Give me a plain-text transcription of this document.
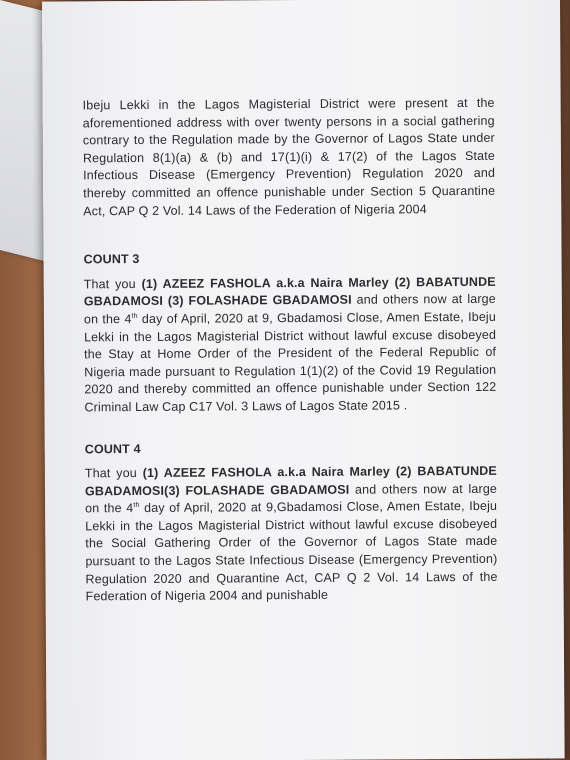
Ibeju Lekki in the Lagos Magisterial District were present at the aforementioned address with over twenty persons in a social gathering contrary to the Regulation made by the Governor of Lagos State under Regulation 8(1)(a) & (b) and 17(1)(i) & 17(2) of the Lagos State Infectious Disease (Emergency Prevention) Regulation 2020 and thereby committed an offence punishable under Section 5 Quarantine Act, CAP Q 2 Vol. 14 Laws of the Federation of Nigeria 2004

COUNT 3

That you (1) AZEEZ FASHOLA a.k.a Naira Marley (2) BABATUNDE GBADAMOSI (3) FOLASHADE GBADAMOSI and others now at large on the 4th day of April, 2020 at 9, Gbadamosi Close, Amen Estate, Ibeju Lekki in the Lagos Magisterial District without lawful excuse disobeyed the Stay at Home Order of the President of the Federal Republic of Nigeria made pursuant to Regulation 1(1)(2) of the Covid 19 Regulation 2020 and thereby committed an offence punishable under Section 122 Criminal Law Cap C17 Vol. 3 Laws of Lagos State 2015 .

COUNT 4

That you (1) AZEEZ FASHOLA a.k.a Naira Marley (2) BABATUNDE GBADAMOSI(3) FOLASHADE GBADAMOSI and others now at large on the 4th day of April, 2020 at 9,Gbadamosi Close, Amen Estate, Ibeju Lekki in the Lagos Magisterial District without lawful excuse disobeyed the Social Gathering Order of the Governor of Lagos State made pursuant to the Lagos State Infectious Disease (Emergency Prevention) Regulation 2020 and Quarantine Act, CAP Q 2 Vol. 14 Laws of the Federation of Nigeria 2004 and punishable
